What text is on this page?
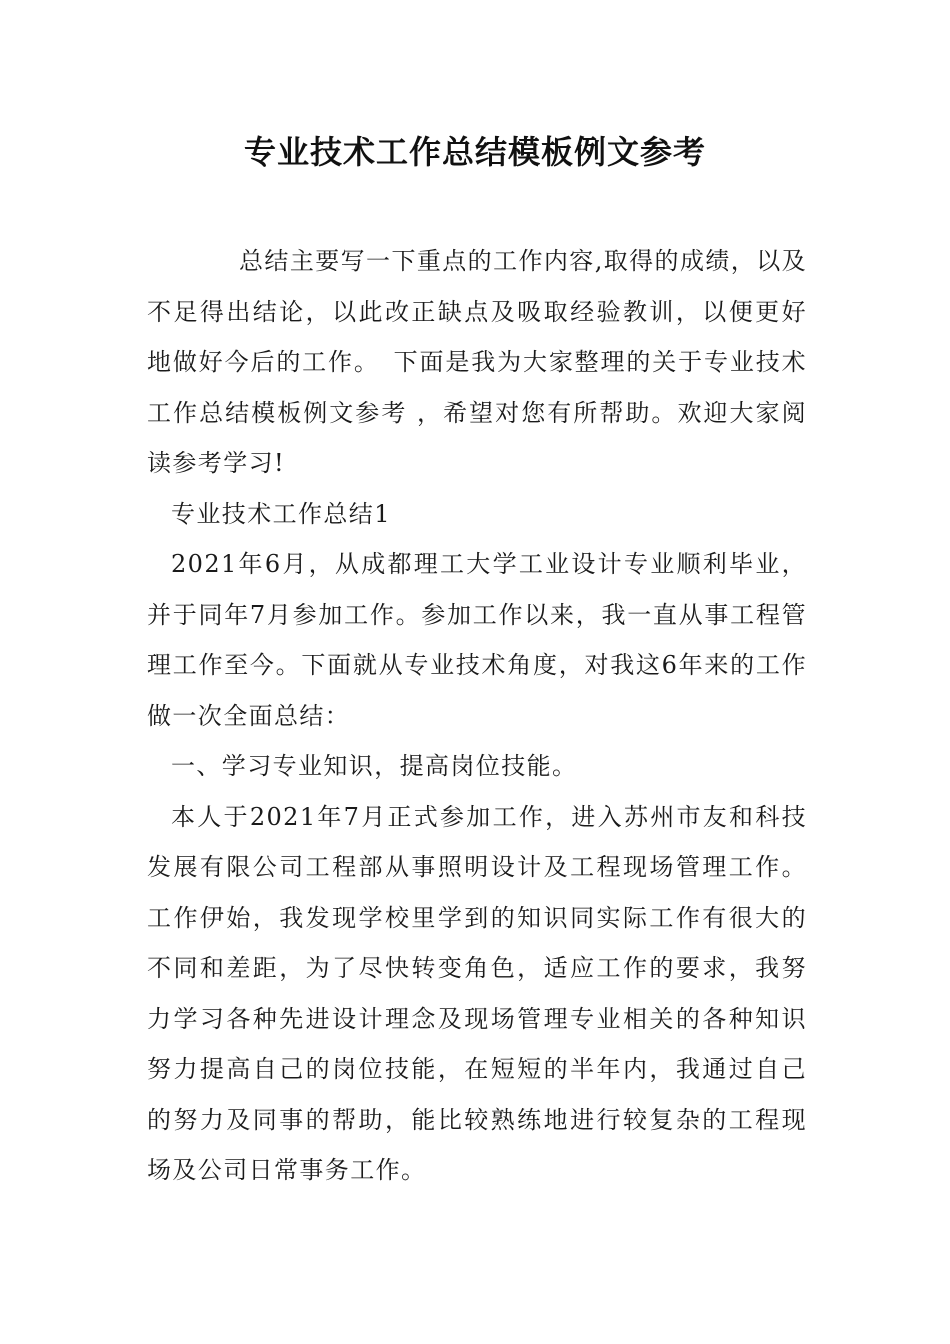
专业技术工作总结模板例文参考

总结主要写一下重点的工作内容,取得的成绩，以及不足得出结论，以此改正缺点及吸取经验教训，以便更好地做好今后的工作。　下面是我为大家整理的关于专业技术工作总结模板例文参考 ，希望对您有所帮助。欢迎大家阅读参考学习!

专业技术工作总结1

2021年6月，从成都理工大学工业设计专业顺利毕业，并于同年7月参加工作。参加工作以来，我一直从事工程管理工作至今。下面就从专业技术角度，对我这6年来的工作做一次全面总结：

一、学习专业知识，提高岗位技能。

本人于2021年7月正式参加工作，进入苏州市友和科技发展有限公司工程部从事照明设计及工程现场管理工作。工作伊始，我发现学校里学到的知识同实际工作有很大的不同和差距，为了尽快转变角色，适应工作的要求，我努力学习各种先进设计理念及现场管理专业相关的各种知识努力提高自己的岗位技能，在短短的半年内，我通过自己的努力及同事的帮助，能比较熟练地进行较复杂的工程现场及公司日常事务工作。
